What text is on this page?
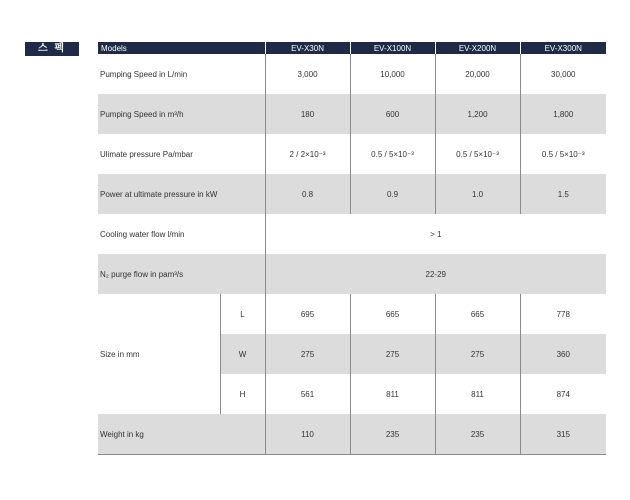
스 펙	Models		EV-X30N	EV-X100N	EV-X200N	EV-X300N
Pumping Speed in L/min		3,000	10,000	20,000	30,000
Pumping Speed in m³/h		180	600	1,200	1,800
Ulimate pressure Pa/mbar		2 / 2×10⁻³	0.5 / 5×10⁻³	0.5 / 5×10⁻³	0.5 / 5×10⁻³
Power at ultimate pressure in kW		0.8	0.9	1.0	1.5
Cooling water flow l/min		> 1			
N₂ purge flow in pam³/s		22-29			
Size in mm	L	695	665	665	778
	W	275	275	275	360
	H	561	811	811	874
Weight in kg		110	235	235	315
